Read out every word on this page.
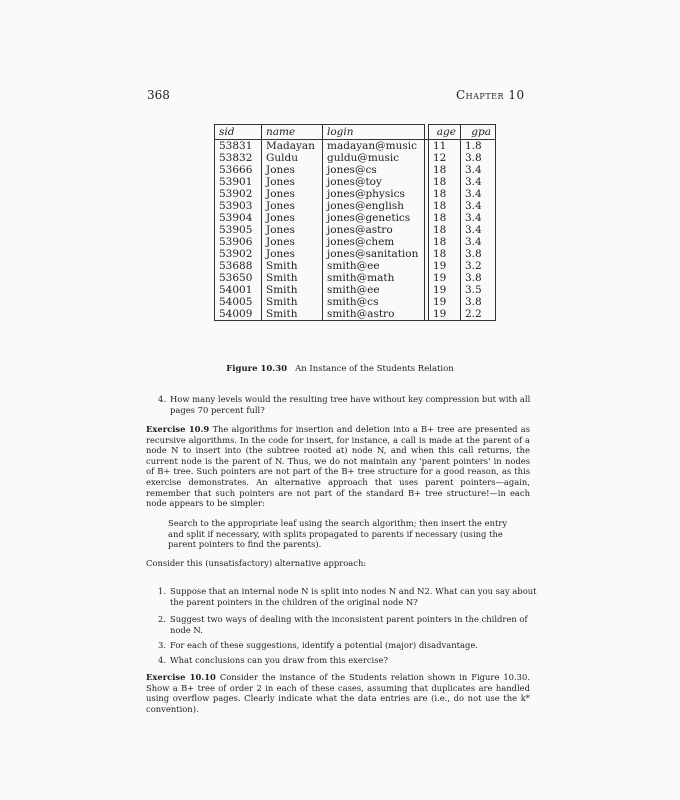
368	Chapter 10
sid	name	login		age	gpa
53831	Madayan	madayan@music		11	1.8
53832	Guldu	guldu@music		12	3.8
53666	Jones	jones@cs		18	3.4
53901	Jones	jones@toy		18	3.4
53902	Jones	jones@physics		18	3.4
53903	Jones	jones@english		18	3.4
53904	Jones	jones@genetics		18	3.4
53905	Jones	jones@astro		18	3.4
53906	Jones	jones@chem		18	3.4
53902	Jones	jones@sanitation		18	3.8
53688	Smith	smith@ee		19	3.2
53650	Smith	smith@math		19	3.8
54001	Smith	smith@ee		19	3.5
54005	Smith	smith@cs		19	3.8
54009	Smith	smith@astro		19	2.2
Figure 10.30 An Instance of the Students Relation
4. How many levels would the resulting tree have without key compression but with all pages 70 percent full?
Exercise 10.9 The algorithms for insertion and deletion into a B+ tree are presented as recursive algorithms. In the code for insert, for instance, a call is made at the parent of a node N to insert into (the subtree rooted at) node N, and when this call returns, the current node is the parent of N. Thus, we do not maintain any 'parent pointers' in nodes of B+ tree. Such pointers are not part of the B+ tree structure for a good reason, as this exercise demonstrates. An alternative approach that uses parent pointers—again, remember that such pointers are not part of the standard B+ tree structure!—in each node appears to be simpler:
Search to the appropriate leaf using the search algorithm; then insert the entry and split if necessary, with splits propagated to parents if necessary (using the parent pointers to find the parents).
Consider this (unsatisfactory) alternative approach:
1. Suppose that an internal node N is split into nodes N and N2. What can you say about the parent pointers in the children of the original node N?
2. Suggest two ways of dealing with the inconsistent parent pointers in the children of node N.
3. For each of these suggestions, identify a potential (major) disadvantage.
4. What conclusions can you draw from this exercise?
Exercise 10.10 Consider the instance of the Students relation shown in Figure 10.30. Show a B+ tree of order 2 in each of these cases, assuming that duplicates are handled using overflow pages. Clearly indicate what the data entries are (i.e., do not use the k* convention).
